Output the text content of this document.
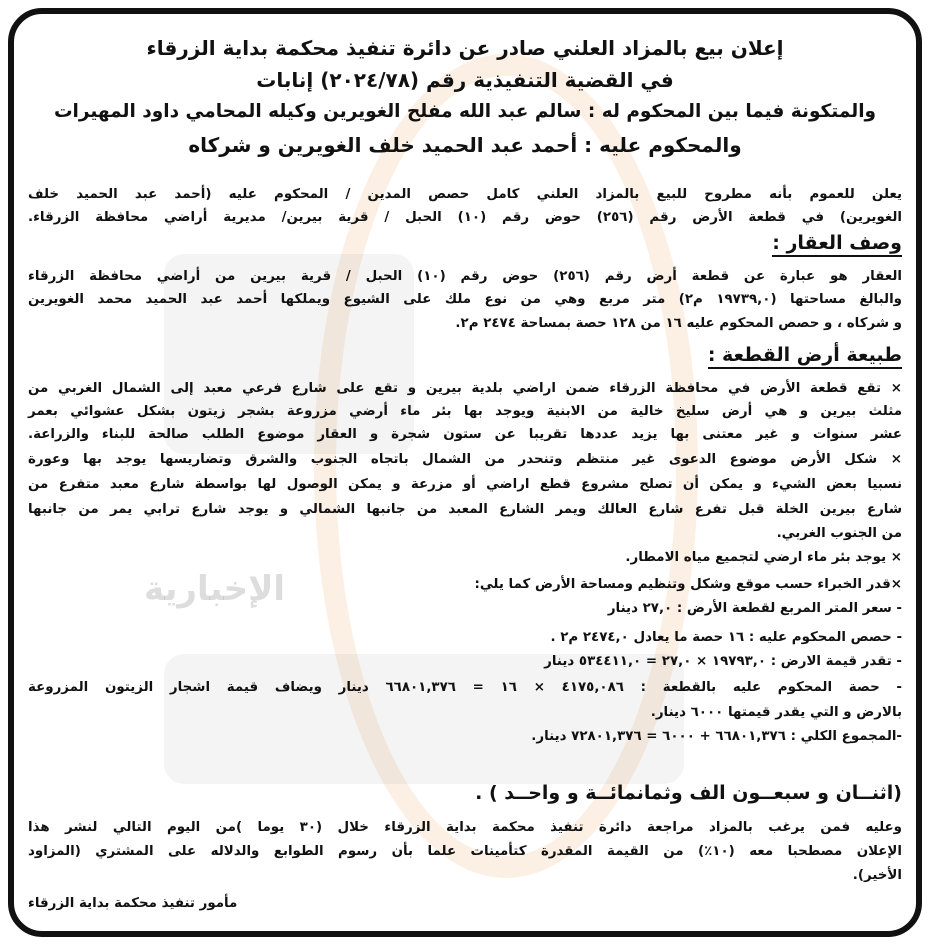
الإخبارية
إعلان بيع بالمزاد العلني صادر عن دائرة تنفيذ محكمة بداية الزرقاء
في القضية التنفيذية رقم (٢٠٢٤/٧٨) إنابات
والمتكونة فيما بين المحكوم له : سالم عبد الله مفلح الغويرين وكيله المحامي داود المهيرات
والمحكوم عليه : أحمد عبد الحميد خلف الغويرين و شركاه
وصف العقار :
طبيعة أرض القطعة :
(اثنــان و سبعــون الف وثمانمائــة و واحــد ) .
مأمور تنفيذ محكمة بداية الزرقاء
يعلن للعموم بأنه مطروح للبيع بالمزاد العلني كامل حصص المدين / المحكوم عليه (أحمد عبد الحميد خلف
الغويرين) في قطعة الأرض رقم (٢٥٦) حوض رقم (١٠) الحبل / قرية بيرين/ مديرية أراضي محافظة الزرقاء.
العقار هو عبارة عن قطعة أرض رقم (٢٥٦) حوض رقم (١٠) الحبل / قرية بيرين من أراضي محافظة الزرقاء
والبالغ مساحتها (١٩٧٣٩,٠ م٢) متر مربع وهي من نوع ملك على الشيوع ويملكها أحمد عبد الحميد محمد الغويرين
و شركاه ، و حصص المحكوم عليه ١٦ من ١٢٨ حصة بمساحة ٢٤٧٤ م٢.
× تقع قطعة الأرض في محافظة الزرقاء ضمن اراضي بلدية بيرين و تقع على شارع فرعي معبد إلى الشمال الغربي من
مثلث بيرين و هي أرض سليخ خالية من الابنية ويوجد بها بئر ماء أرضي مزروعة بشجر زيتون بشكل عشوائي بعمر
عشر سنوات و غير معتنى بها يزيد عددها تقريبا عن ستون شجرة و العقار موضوع الطلب صالحة للبناء والزراعة.
× شكل الأرض موضوع الدعوى غير منتظم وتنحدر من الشمال باتجاه الجنوب والشرق وتضاريسها يوجد بها وعورة
نسبيا بعض الشيء و يمكن أن تصلح مشروع قطع اراضي أو مزرعة و يمكن الوصول لها بواسطة شارع معبد متفرع من
شارع بيرين الخلة قبل تفرع شارع العالك ويمر الشارع المعبد من جانبها الشمالي و يوجد شارع ترابي يمر من جانبها
من الجنوب الغربي.
× يوجد بئر ماء ارضي لتجميع مياه الامطار.
×قدر الخبراء حسب موقع وشكل وتنظيم ومساحة الأرض كما يلي:
- سعر المتر المربع لقطعة الأرض : ٢٧,٠ دينار
- حصص المحكوم عليه : ١٦ حصة ما يعادل ٢٤٧٤,٠ م٢ .
- تقدر قيمة الارض : ١٩٧٩٣,٠ × ٢٧,٠ = ٥٣٤٤١١,٠ دينار
- حصة المحكوم عليه بالقطعة : ٤١٧٥,٠٨٦ × ١٦ = ٦٦٨٠١,٣٧٦ دينار ويضاف قيمة اشجار الزيتون المزروعة
بالارض و التي يقدر قيمتها ٦٠٠٠ دينار.
-المجموع الكلي : ٦٦٨٠١,٣٧٦ + ٦٠٠٠ = ٧٢٨٠١,٣٧٦ دينار.
وعليه فمن يرغب بالمزاد مراجعة دائرة تنفيذ محكمة بداية الزرقاء خلال (٣٠ يوما )من اليوم التالي لنشر هذا
الإعلان مصطحبا معه (١٠٪) من القيمة المقدرة كتأمينات علما بأن رسوم الطوابع والدلاله على المشتري (المزاود
الأخير).
